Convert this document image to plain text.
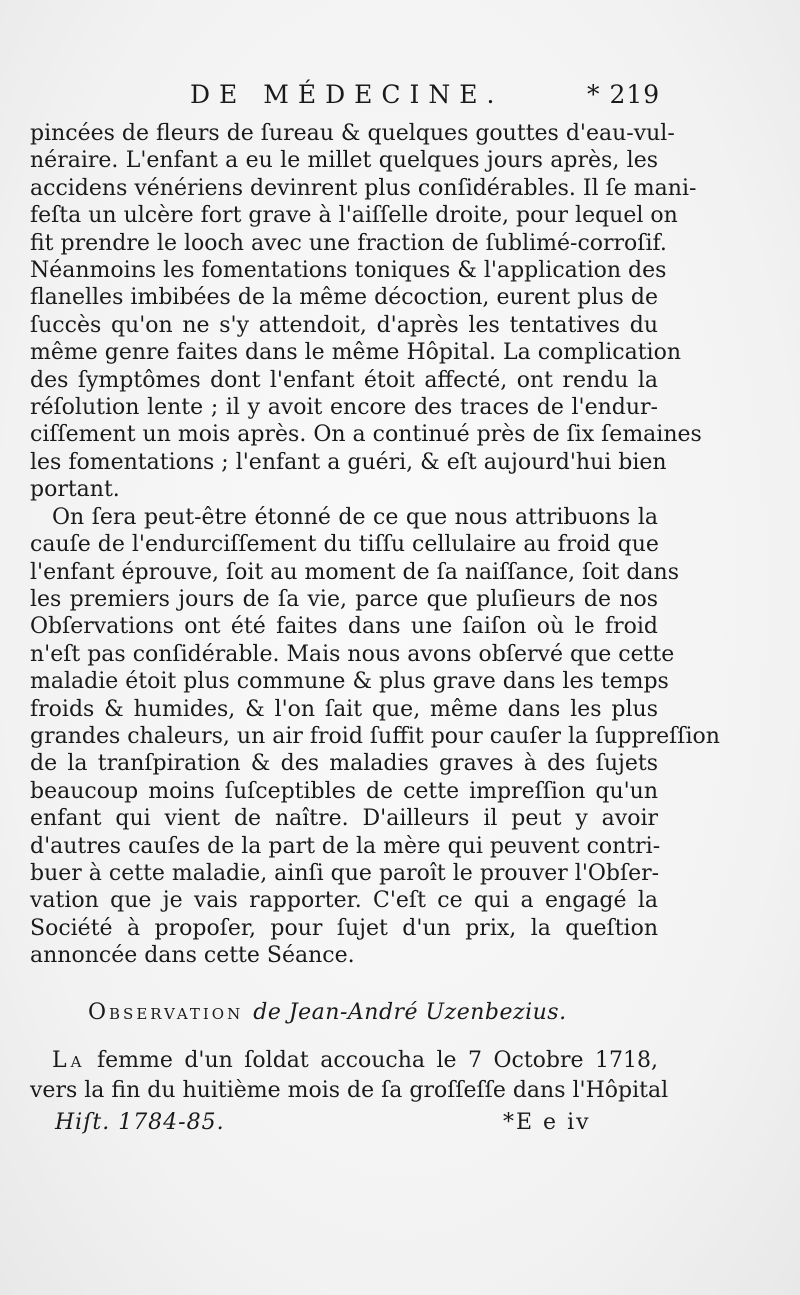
DE MÉDECINE.	* 219

pincées de fleurs de ſureau & quelques gouttes d'eau-vul-
néraire. L'enfant a eu le millet quelques jours après, les
accidens vénériens devinrent plus conſidérables. Il ſe mani-
feſta un ulcère fort grave à l'aiſſelle droite, pour lequel on
fit prendre le looch avec une fraction de ſublimé-corroſif.
Néanmoins les fomentations toniques & l'application des
flanelles imbibées de la même décoction, eurent plus de
ſuccès qu'on ne s'y attendoit, d'après les tentatives du
même genre faites dans le même Hôpital. La complication
des ſymptômes dont l'enfant étoit affecté, ont rendu la
réſolution lente ; il y avoit encore des traces de l'endur-
ciſſement un mois après. On a continué près de ſix ſemaines
les fomentations ; l'enfant a guéri, & eſt aujourd'hui bien
portant.

On ſera peut-être étonné de ce que nous attribuons la
cauſe de l'endurciſſement du tiſſu cellulaire au froid que
l'enfant éprouve, ſoit au moment de ſa naiſſance, ſoit dans
les premiers jours de ſa vie, parce que pluſieurs de nos
Obſervations ont été faites dans une ſaiſon où le froid
n'eſt pas conſidérable. Mais nous avons obſervé que cette
maladie étoit plus commune & plus grave dans les temps
froids & humides, & l'on ſait que, même dans les plus
grandes chaleurs, un air froid ſuffit pour cauſer la ſuppreſſion
de la tranſpiration & des maladies graves à des ſujets
beaucoup moins ſuſceptibles de cette impreſſion qu'un
enfant qui vient de naître. D'ailleurs il peut y avoir
d'autres cauſes de la part de la mère qui peuvent contri-
buer à cette maladie, ainſi que paroît le prouver l'Obſer-
vation que je vais rapporter. C'eſt ce qui a engagé la
Société à propoſer, pour ſujet d'un prix, la queſtion
annoncée dans cette Séance.

Observation de Jean-André Uzenbezius.
La femme d'un ſoldat accoucha le 7 Octobre 1718,
vers la fin du huitième mois de ſa groſſeſſe dans l'Hôpital
Hiſt. 1784-85.	*E e iv
